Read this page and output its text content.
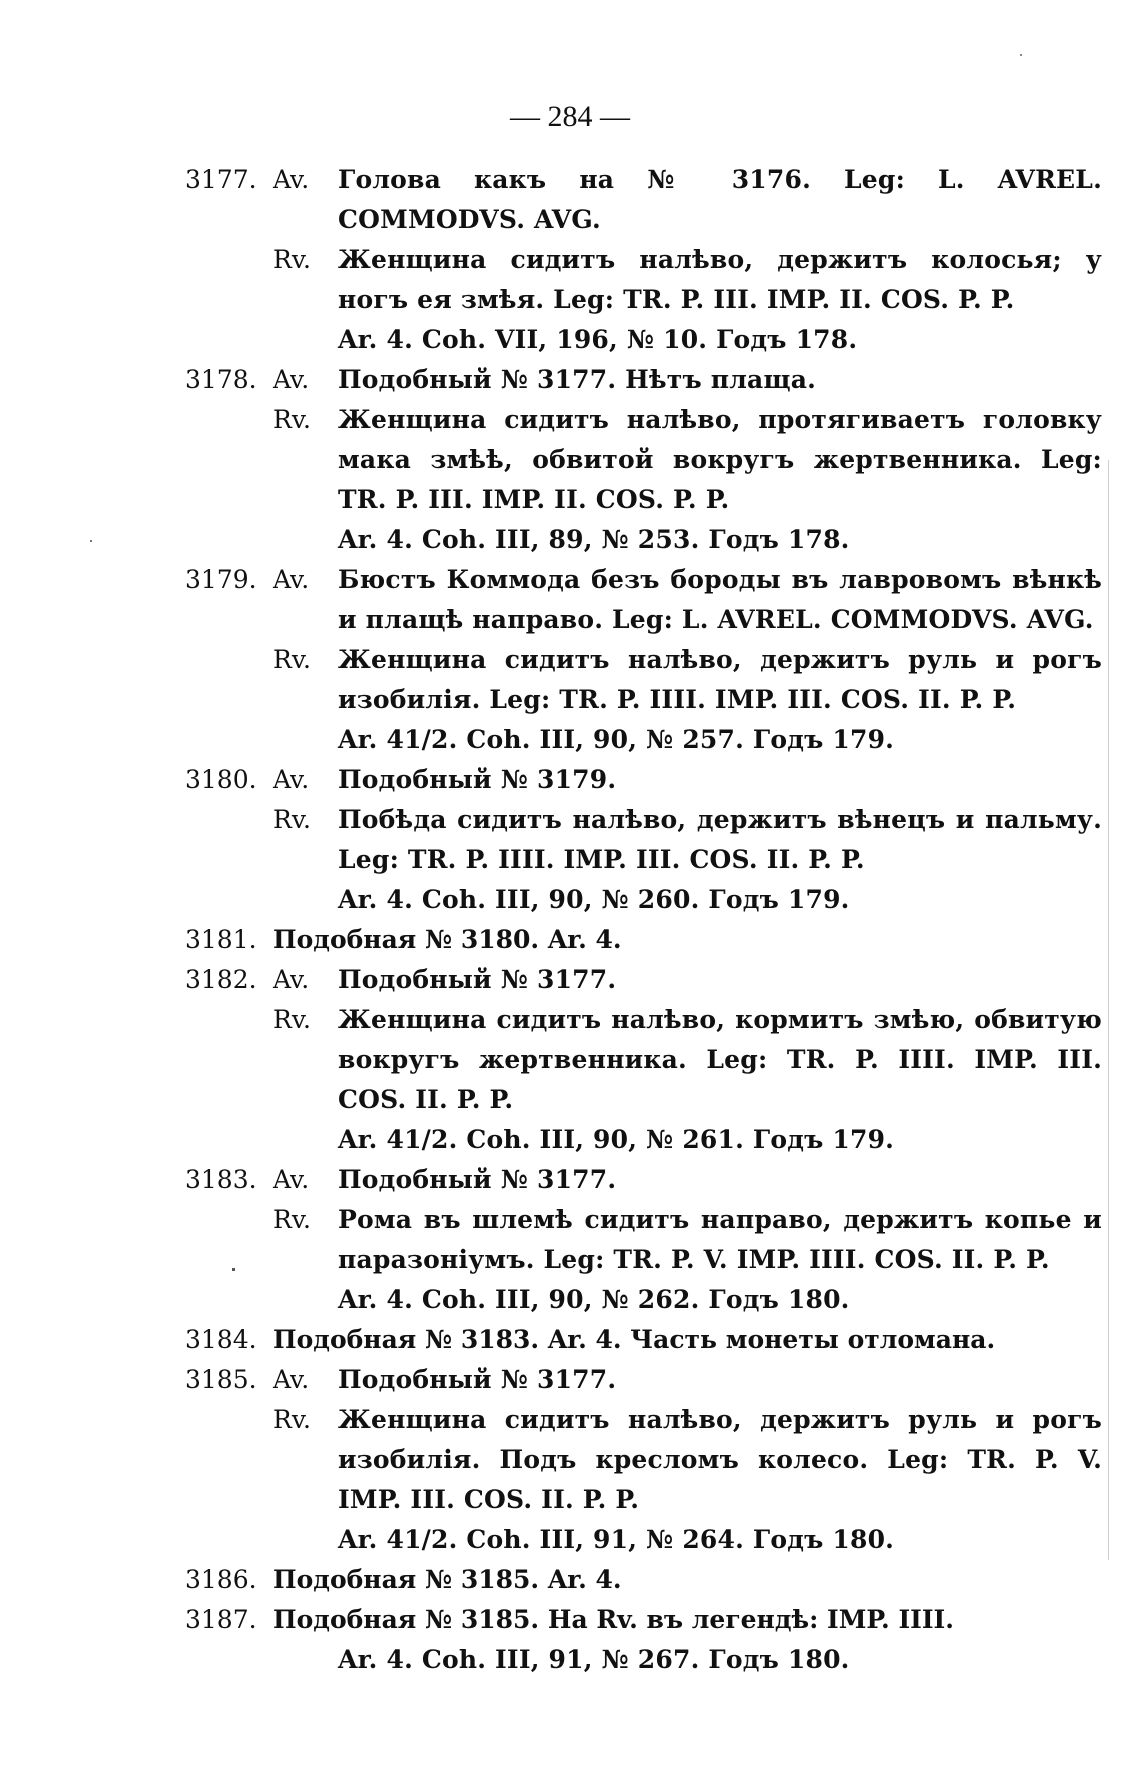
— 284 —
3177. Av.	Голова какъ на № 3176. Leg: L. AVREL. COMMODVS. AVG.
Rv.	Женщина сидитъ налѣво, держитъ колосья; у ногъ ея змѣя. Leg: TR. P. III. IMP. II. COS. P. P.
Ar. 4. Coh. VII, 196, № 10. Годъ 178.
3178. Av.	Подобный № 3177. Нѣтъ плаща.
Rv.	Женщина сидитъ налѣво, протягиваетъ головку мака змѣѣ, обвитой вокругъ жертвенника. Leg: TR. P. III. IMP. II. COS. P. P.
Ar. 4. Coh. III, 89, № 253. Годъ 178.
3179. Av.	Бюстъ Коммода безъ бороды въ лавровомъ вѣнкѣ и плащѣ направо. Leg: L. AVREL. COMMODVS. AVG.
Rv.	Женщина сидитъ налѣво, держитъ руль и рогъ изобилія. Leg: TR. P. IIII. IMP. III. COS. II. P. P.
Ar. 41/2. Coh. III, 90, № 257. Годъ 179.
3180. Av.	Подобный № 3179.
Rv.	Побѣда сидитъ налѣво, держитъ вѣнецъ и пальму. Leg: TR. P. IIII. IMP. III. COS. II. P. P.
Ar. 4. Coh. III, 90, № 260. Годъ 179.
3181. Подобная № 3180. Ar. 4.
3182. Av.	Подобный № 3177.
Rv.	Женщина сидитъ налѣво, кормитъ змѣю, обвитую вокругъ жертвенника. Leg: TR. P. IIII. IMP. III. COS. II. P. P.
Ar. 41/2. Coh. III, 90, № 261. Годъ 179.
3183. Av.	Подобный № 3177.
Rv.	Рома въ шлемѣ сидитъ направо, держитъ копье и паразоніумъ. Leg: TR. P. V. IMP. IIII. COS. II. P. P.
Ar. 4. Coh. III, 90, № 262. Годъ 180.
3184. Подобная № 3183. Ar. 4. Часть монеты отломана.
3185. Av.	Подобный № 3177.
Rv.	Женщина сидитъ налѣво, держитъ руль и рогъ изобилія. Подъ кресломъ колесо. Leg: TR. P. V. IMP. III. COS. II. P. P.
Ar. 41/2. Coh. III, 91, № 264. Годъ 180.
3186. Подобная № 3185. Ar. 4.
3187. Подобная № 3185. На Rv. въ легендѣ: IMP. IIII.
Ar. 4. Coh. III, 91, № 267. Годъ 180.
